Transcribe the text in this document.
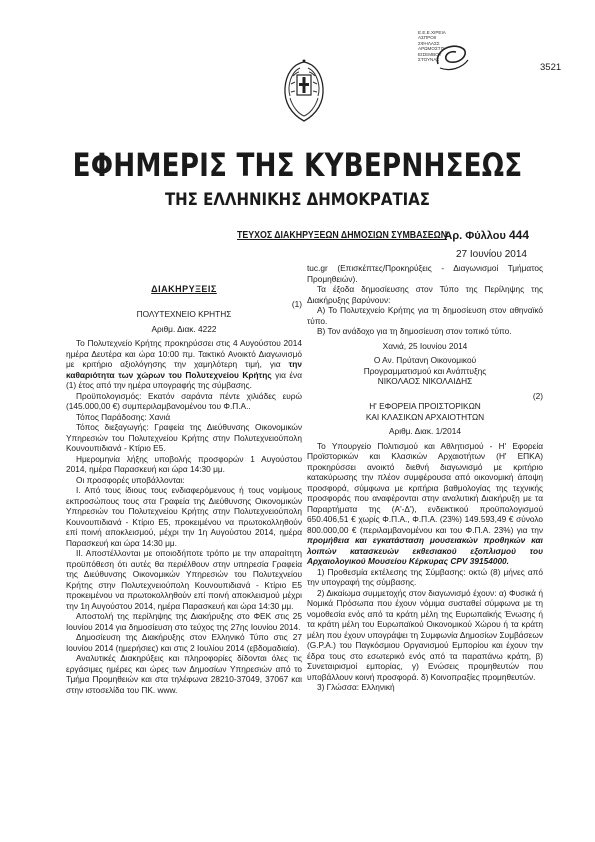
Ε.Ε.Ε.ΧΙΡΕΙΑ
ΑΣΠΡΟΙΙ
ΣΦΗΛΑΣΣ
ΑΡΩΜΟΣΤΙΣ
ΕΙΣΕΜΒΟΥ
ΣΤΟΥΝΑΣ
3521
ΕΦΗΜΕΡΙΣ ΤΗΣ ΚΥΒΕΡΝΗΣΕΩΣ
ΤΗΣ ΕΛΛΗΝΙΚΗΣ ΔΗΜΟΚΡΑΤΙΑΣ
ΤΕΥΧΟΣ ΔΙΑΚΗΡΥΞΕΩΝ ΔΗΜΟΣΙΩΝ ΣΥΜΒΑΣΕΩΝ
Αρ. Φύλλου 444
27 Ιουνίου 2014

ΔΙΑΚΗΡΥΞΕΙΣ

(1)

ΠΟΛΥΤΕΧΝΕΙΟ ΚΡΗΤΗΣ

Αριθμ. Διακ. 4222

Το Πολυτεχνείο Κρήτης προκηρύσσει στις 4 Αυγούστου 2014 ημέρα Δευτέρα και ώρα 10:00 πμ. Τακτικό Ανοικτό Διαγωνισμό με κριτήριο αξιολόγησης την χαμηλότερη τιμή, για την καθαριότητα των χώρων του Πολυτεχνείου Κρήτης για ένα (1) έτος από την ημέρα υπογραφής της σύμβασης.

Προϋπολογισμός: Εκατόν σαράντα πέντε χιλιάδες ευρώ (145.000,00 €) συμπεριλαμβανομένου του Φ.Π.Α..

Τόπος Παράδοσης: Χανιά

Τόπος διεξαγωγής: Γραφεία της Διεύθυνσης Οικονομικών Υπηρεσιών του Πολυτεχνείου Κρήτης στην Πολυτεχνειούπολη Κουνουπιδιανά - Κτίριο Ε5.

Ημερομηνία λήξης υποβολής προσφορών 1 Αυγούστου 2014, ημέρα Παρασκευή και ώρα 14:30 μμ.

Οι προσφορές υποβάλλονται:

Ι. Από τους ίδιους τους ενδιαφερόμενους ή τους νομίμους εκπροσώπους τους στα Γραφεία της Διεύθυνσης Οικονομικών Υπηρεσιών του Πολυτεχνείου Κρήτης στην Πολυτεχνειούπολη Κουνουπιδιανά - Κτίριο Ε5, προκειμένου να πρωτοκολληθούν επί ποινή αποκλεισμού, μέχρι την 1η Αυγούστου 2014, ημέρα Παρασκευή και ώρα 14:30 μμ.

ΙΙ. Αποστέλλονται με οποιοδήποτε τρόπο με την απαραίτητη προϋπόθεση ότι αυτές θα περιέλθουν στην υπηρεσία Γραφεία της Διεύθυνσης Οικονομικών Υπηρεσιών του Πολυτεχνείου Κρήτης στην Πολυτεχνειούπολη Κουνουπιδιανά - Κτίριο Ε5 προκειμένου να πρωτοκολληθούν επί ποινή αποκλεισμού μέχρι την 1η Αυγούστου 2014, ημέρα Παρασκευή και ώρα 14:30 μμ.

Αποστολή της περίληψης της Διακήρυξης στο ΦΕΚ στις 25 Ιουνίου 2014 για δημοσίευση στο τεύχος της 27ης Ιουνίου 2014.

Δημοσίευση της Διακήρυξης στον Ελληνικό Τύπο στις 27 Ιουνίου 2014 (ημερήσιες) και στις 2 Ιουλίου 2014 (εβδομαδιαία).

Αναλυτικές Διακηρύξεις και πληροφορίες δίδονται όλες τις εργάσιμες ημέρες και ώρες των Δημοσίων Υπηρεσιών από το Τμήμα Προμηθειών και στα τηλέφωνα 28210-37049, 37067 και στην ιστοσελίδα του ΠΚ. www.

tuc.gr (Επισκέπτες/Προκηρύξεις - Διαγωνισμοί Τμήματος Προμηθειών).

Τα έξοδα δημοσίευσης στον Τύπο της Περίληψης της Διακήρυξης βαρύνουν:

Α) Το Πολυτεχνείο Κρήτης για τη δημοσίευση στον αθηναϊκό τύπο.

Β) Τον ανάδοχο για τη δημοσίευση στον τοπικό τύπο.

Χανιά, 25 Ιουνίου 2014

Ο Αν. Πρύτανη Οικονομικού

Προγραμματισμού και Ανάπτυξης

ΝΙΚΟΛΑΟΣ ΝΙΚΟΛΑΙΔΗΣ

(2)

Η' ΕΦΟΡΕΙΑ ΠΡΟΙΣΤΟΡΙΚΩΝ

ΚΑΙ ΚΛΑΣΙΚΩΝ ΑΡΧΑΙΟΤΗΤΩΝ

Αριθμ. Διακ. 1/2014

Το Υπουργείο Πολιτισμού και Αθλητισμού - Η' Εφορεία Προϊστορικών και Κλασικών Αρχαιοτήτων (Η' ΕΠΚΑ) προκηρύσσει ανοικτό διεθνή διαγωνισμό με κριτήριο κατακύρωσης την πλέον συμφέρουσα από οικονομική άποψη προσφορά, σύμφωνα με κριτήρια βαθμολογίας της τεχνικής προσφοράς που αναφέρονται στην αναλυτική Διακήρυξη με τα Παραρτήματα της (Α'-Δ'), ενδεικτικού προϋπολογισμού 650.406,51 € χωρίς Φ.Π.Α., Φ.Π.Α. (23%) 149.593,49 € σύνολο 800.000,00 € (περιλαμβανομένου και του Φ.Π.Α. 23%) για την προμήθεια και εγκατάσταση μουσειακών προθηκών και λοιπών κατασκευών εκθεσιακού εξοπλισμού του Αρχαιολογικού Μουσείου Κέρκυρας CPV 39154000.

1) Προθεσμία εκτέλεσης της Σύμβασης: οκτώ (8) μήνες από την υπογραφή της σύμβασης.

2) Δικαίωμα συμμετοχής στον διαγωνισμό έχουν: α) Φυσικά ή Νομικά Πρόσωπα που έχουν νόμιμα συσταθεί σύμφωνα με τη νομοθεσία ενός από τα κράτη μέλη της Ευρωπαϊκής Ένωσης ή τα κράτη μέλη του Ευρωπαϊκού Οικονομικού Χώρου ή τα κράτη μέλη που έχουν υπογράψει τη Συμφωνία Δημοσίων Συμβάσεων (G.P.A.) του Παγκόσμιου Οργανισμού Εμπορίου και έχουν την έδρα τους στο εσωτερικό ενός από τα παραπάνω κράτη, β) Συνεταιρισμοί εμπορίας, γ) Ενώσεις προμηθευτών που υποβάλλουν κοινή προσφορά. δ) Κοινοπραξίες προμηθευτών.

3) Γλώσσα: Ελληνική
